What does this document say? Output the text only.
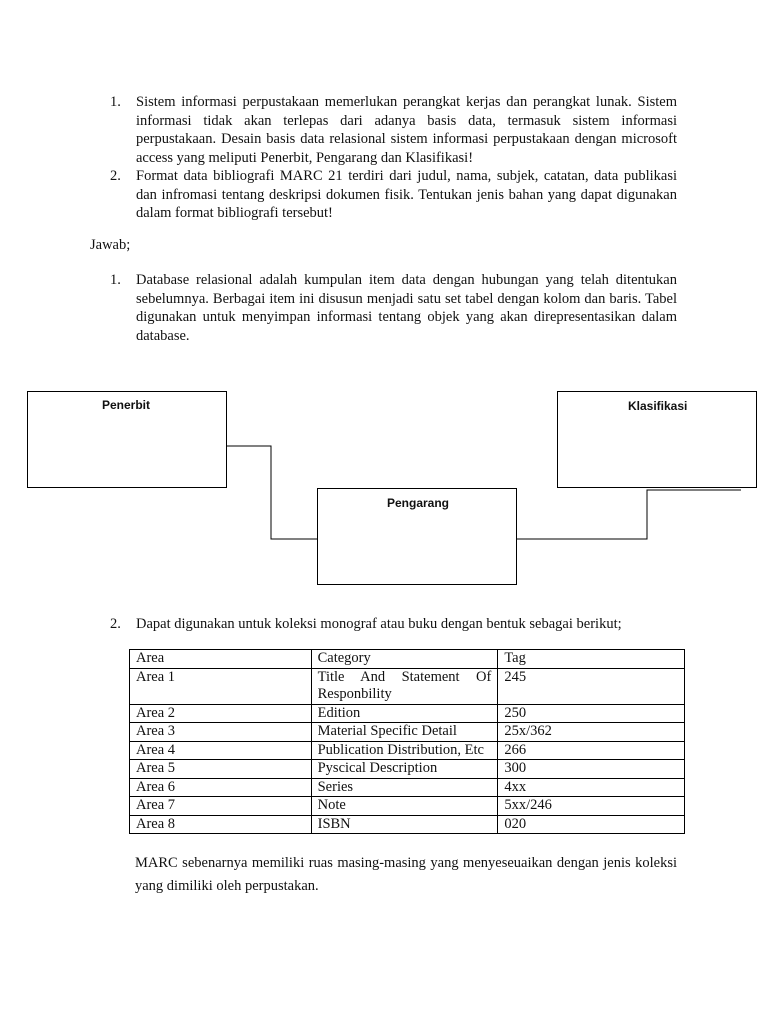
1. Sistem informasi perpustakaan memerlukan perangkat kerjas dan perangkat lunak. Sistem informasi tidak akan terlepas dari adanya basis data, termasuk sistem informasi perpustakaan. Desain basis data relasional sistem informasi perpustakaan dengan microsoft access yang meliputi Penerbit, Pengarang dan Klasifikasi!
2. Format data bibliografi MARC 21 terdiri dari judul, nama, subjek, catatan, data publikasi dan infromasi tentang deskripsi dokumen fisik. Tentukan jenis bahan yang dapat digunakan dalam format bibliografi tersebut!
Jawab;
1. Database relasional adalah kumpulan item data dengan hubungan yang telah ditentukan sebelumnya. Berbagai item ini disusun menjadi satu set tabel dengan kolom dan baris. Tabel digunakan untuk menyimpan informasi tentang objek yang akan direpresentasikan dalam database.
Penerbit	Klasifikasi
Pengarang
2. Dapat digunakan untuk koleksi monograf atau buku dengan bentuk sebagai berikut;
Area	Category	Tag
Area 1	Title And Statement Of Responbility	245
Area 2	Edition	250
Area 3	Material Specific Detail	25x/362
Area 4	Publication Distribution, Etc	266
Area 5	Pyscical Description	300
Area 6	Series	4xx
Area 7	Note	5xx/246
Area 8	ISBN	020
MARC sebenarnya memiliki ruas masing-masing yang menyeseuaikan dengan jenis koleksi yang dimiliki oleh perpustakan.
